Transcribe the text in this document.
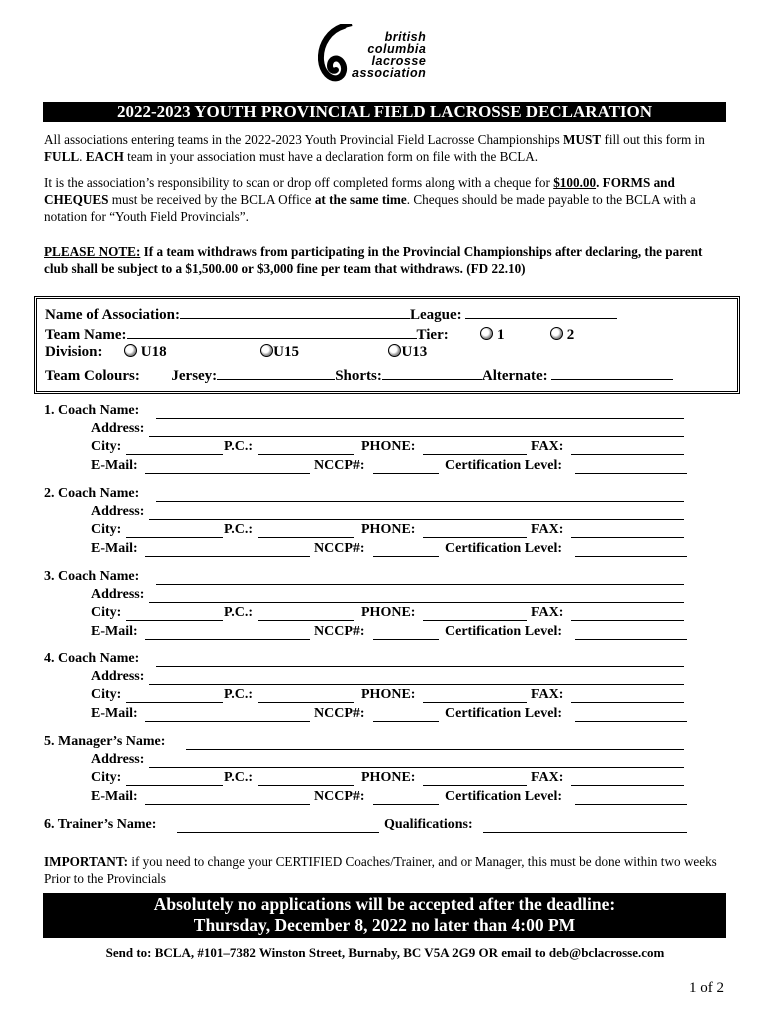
british
columbia
lacrosse
association
2022-2023 YOUTH PROVINCIAL FIELD LACROSSE DECLARATION
All associations entering teams in the 2022-2023 Youth Provincial Field Lacrosse Championships MUST fill out this form in FULL. EACH team in your association must have a declaration form on file with the BCLA.
It is the association’s responsibility to scan or drop off completed forms along with a cheque for $100.00. FORMS and CHEQUES must be received by the BCLA Office at the same time. Cheques should be made payable to the BCLA with a notation for “Youth Field Provincials”.
PLEASE NOTE: If a team withdraws from participating in the Provincial Championships after declaring, the parent club shall be subject to a $1,500.00 or $3,000 fine per team that withdraws. (FD 22.10)
Name of Association:	League:
Team Name:	Tier:	1	2
Division:	U18	U15	U13
Team Colours: Jersey:	Shorts:	Alternate:
1. Coach Name:
Address:
City:	P.C.:	PHONE:	FAX:
E-Mail:	NCCP#:	Certification Level:
2. Coach Name:
Address:
City:	P.C.:	PHONE:	FAX:
E-Mail:	NCCP#:	Certification Level:
3. Coach Name:
Address:
City:	P.C.:	PHONE:	FAX:
E-Mail:	NCCP#:	Certification Level:
4. Coach Name:
Address:
City:	P.C.:	PHONE:	FAX:
E-Mail:	NCCP#:	Certification Level:
5. Manager’s Name:
Address:
City:	P.C.:	PHONE:	FAX:
E-Mail:	NCCP#:	Certification Level:
6. Trainer’s Name:	Qualifications:
IMPORTANT: if you need to change your CERTIFIED Coaches/Trainer, and or Manager, this must be done within two weeks Prior to the Provincials
Absolutely no applications will be accepted after the deadline:
Thursday, December 8, 2022 no later than 4:00 PM
Send to: BCLA, #101–7382 Winston Street, Burnaby, BC V5A 2G9 OR email to deb@bclacrosse.com
1 of 2
